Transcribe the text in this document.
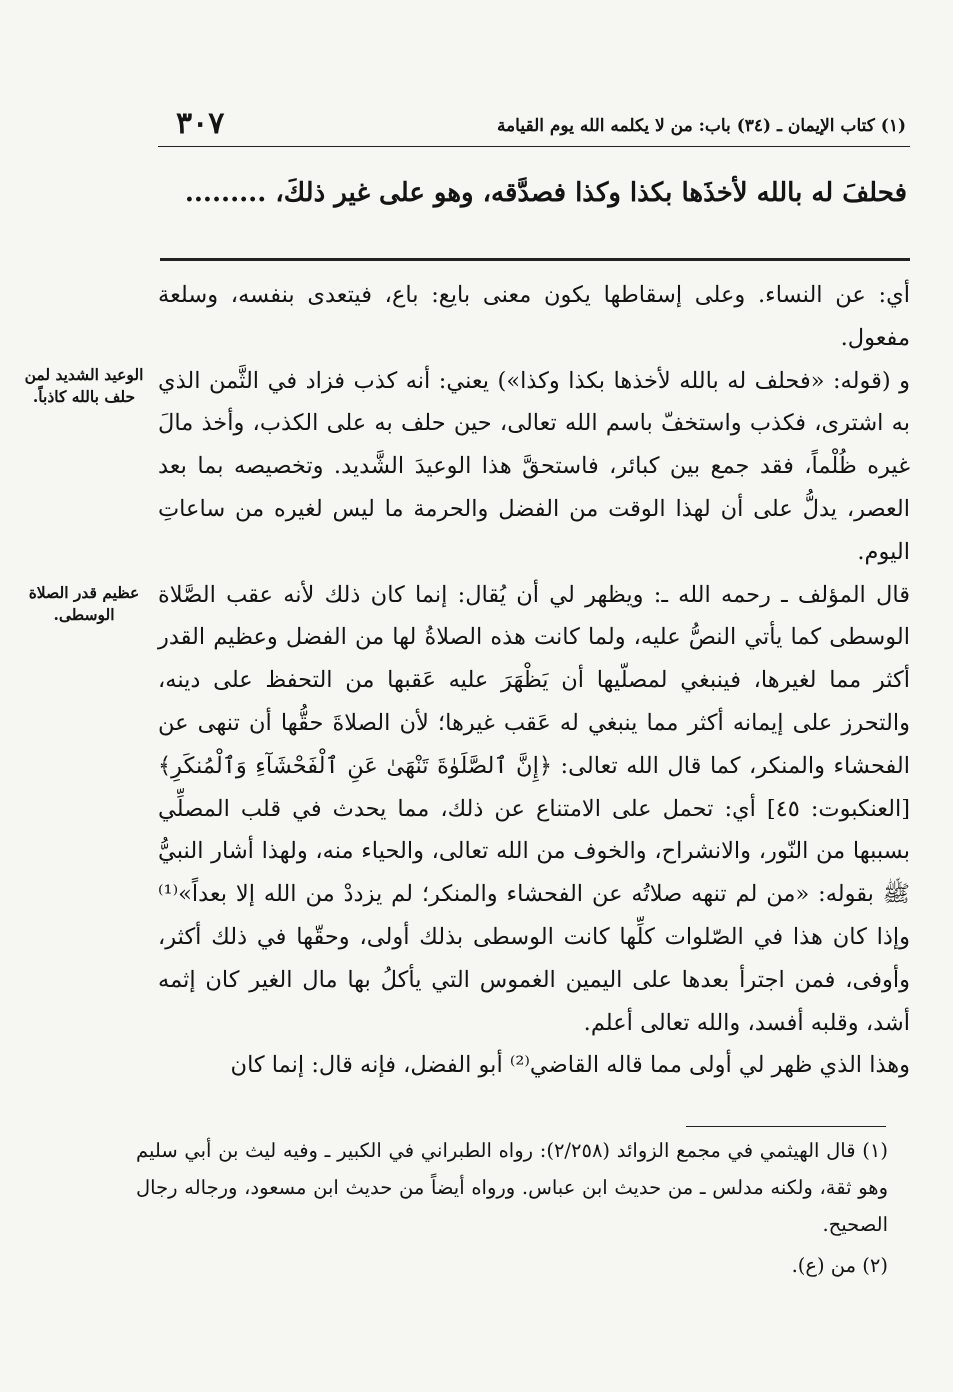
٣٠٧	(١) كتاب الإيمان ـ (٣٤) باب: من لا يكلمه الله يوم القيامة
فحلفَ له بالله لأخذَها بكذا وكذا فصدَّقه، وهو على غير ذلكَ، .........

أي: عن النساء. وعلى إسقاطها يكون معنى بايع: باع، فيتعدى بنفسه، وسلعة مفعول.

و (قوله: «فحلف له بالله لأخذها بكذا وكذا») يعني: أنه كذب فزاد في الثَّمن الذي به اشترى، فكذب واستخفّ باسم الله تعالى، حين حلف به على الكذب، وأخذ مالَ غيره ظُلْماً، فقد جمع بين كبائر، فاستحقَّ هذا الوعيدَ الشَّديد. وتخصيصه بما بعد العصر، يدلُّ على أن لهذا الوقت من الفضل والحرمة ما ليس لغيره من ساعاتِ اليوم.

قال المؤلف ـ رحمه الله ـ: ويظهر لي أن يُقال: إنما كان ذلك لأنه عقب الصَّلاة الوسطى كما يأتي النصُّ عليه، ولما كانت هذه الصلاةُ لها من الفضل وعظيم القدر أكثر مما لغيرها، فينبغي لمصلّيها أن يَظْهَرَ عليه عَقبها من التحفظ على دينه، والتحرز على إيمانه أكثر مما ينبغي له عَقب غيرها؛ لأن الصلاةَ حقُّها أن تنهى عن الفحشاء والمنكر، كما قال الله تعالى: ﴿إِنَّ ٱلصَّلَوٰةَ تَنْهَىٰ عَنِ ٱلْفَحْشَآءِ وَٱلْمُنكَرِ﴾ [العنكبوت: ٤٥] أي: تحمل على الامتناع عن ذلك، مما يحدث في قلب المصلِّي بسببها من النّور، والانشراح، والخوف من الله تعالى، والحياء منه، ولهذا أشار النبيُّ ﷺ بقوله: «من لم تنهه صلاتُه عن الفحشاء والمنكر؛ لم يزددْ من الله إلا بعداً»⁽¹⁾ وإذا كان هذا في الصّلوات كلِّها كانت الوسطى بذلك أولى، وحقّها في ذلك أكثر، وأوفى، فمن اجترأ بعدها على اليمين الغموس التي يأكلُ بها مال الغير كان إثمه أشد، وقلبه أفسد، والله تعالى أعلم.

وهذا الذي ظهر لي أولى مما قاله القاضي⁽²⁾ أبو الفضل، فإنه قال: إنما كان

الوعيد الشديد لمن حلف بالله كاذباً.
عظيم قدر الصلاة الوسطى.

(١) قال الهيثمي في مجمع الزوائد (٢/٢٥٨): رواه الطبراني في الكبير ـ وفيه ليث بن أبي سليم وهو ثقة، ولكنه مدلس ـ من حديث ابن عباس. ورواه أيضاً من حديث ابن مسعود، ورجاله رجال الصحيح.

(٢) من (ع).
